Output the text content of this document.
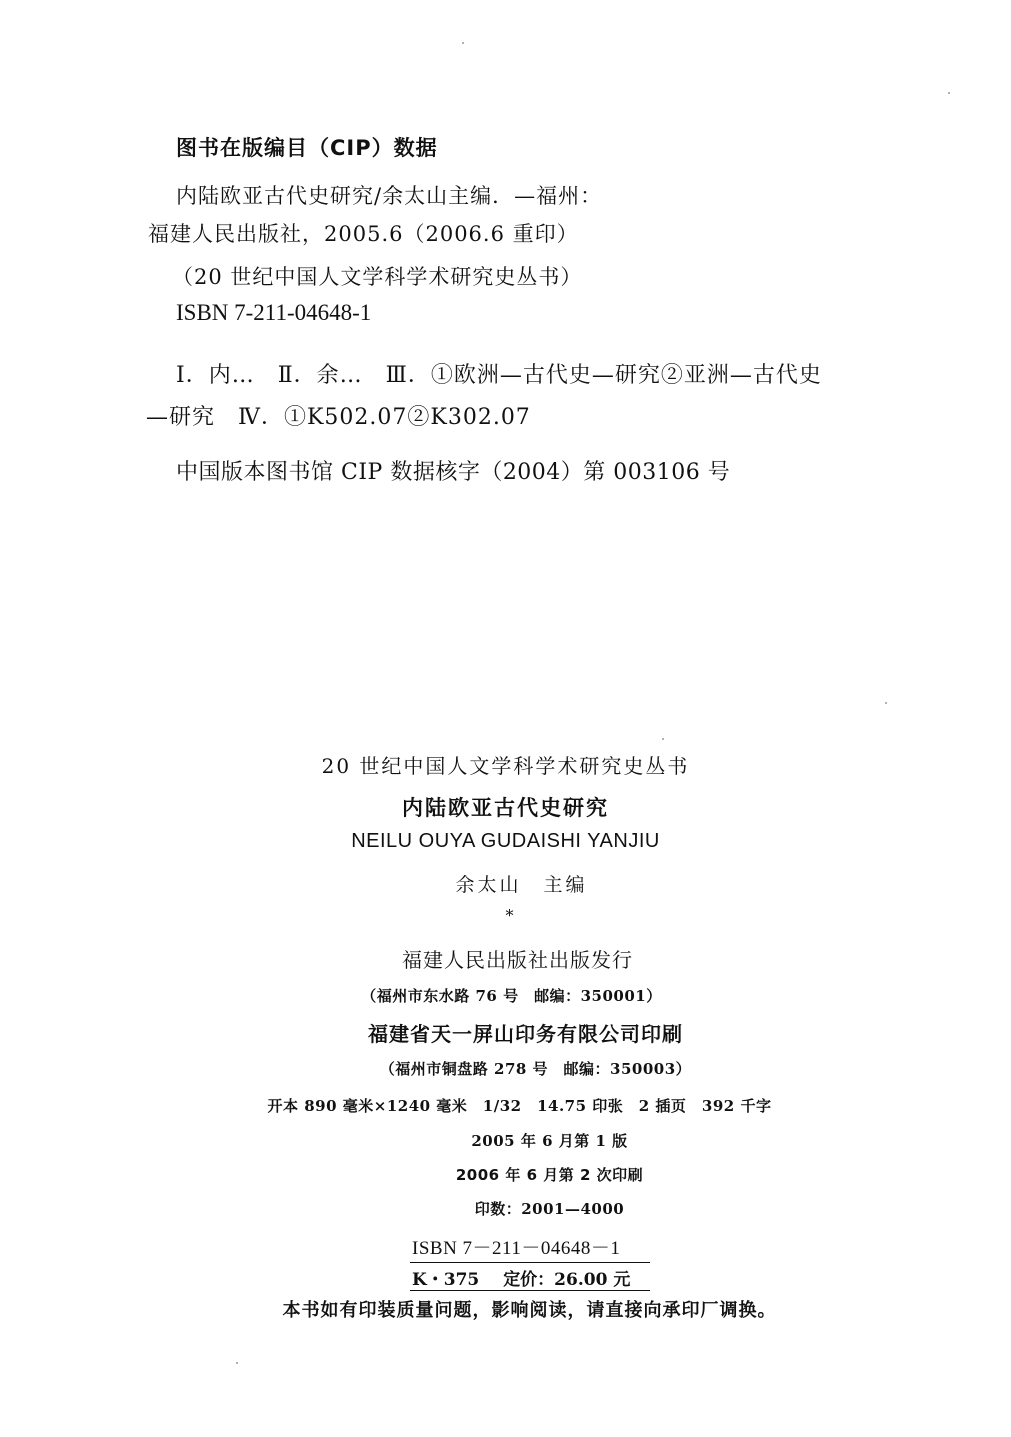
图书在版编目（CIP）数据
内陆欧亚古代史研究/余太山主编．—福州：
福建人民出版社，2005.6（2006.6 重印）
（20 世纪中国人文学科学术研究史丛书）
ISBN 7-211-04648-1
Ⅰ．内…　Ⅱ．余…　Ⅲ．①欧洲—古代史—研究②亚洲—古代史
—研究　Ⅳ．①K502.07②K302.07
中国版本图书馆 CIP 数据核字（2004）第 003106 号
20 世纪中国人文学科学术研究史丛书
内陆欧亚古代史研究
NEILU OUYA GUDAISHI YANJIU
余太山　主编
*
福建人民出版社出版发行
（福州市东水路 76 号　邮编：350001）
福建省天一屏山印务有限公司印刷
（福州市铜盘路 278 号　邮编：350003）
开本 890 毫米×1240 毫米　1/32　14.75 印张　2 插页　392 千字
2005 年 6 月第 1 版
2006 年 6 月第 2 次印刷
印数：2001—4000
ISBN 7－211－04648－1
K・375 定价：26.00 元
本书如有印装质量问题，影响阅读，请直接向承印厂调换。
